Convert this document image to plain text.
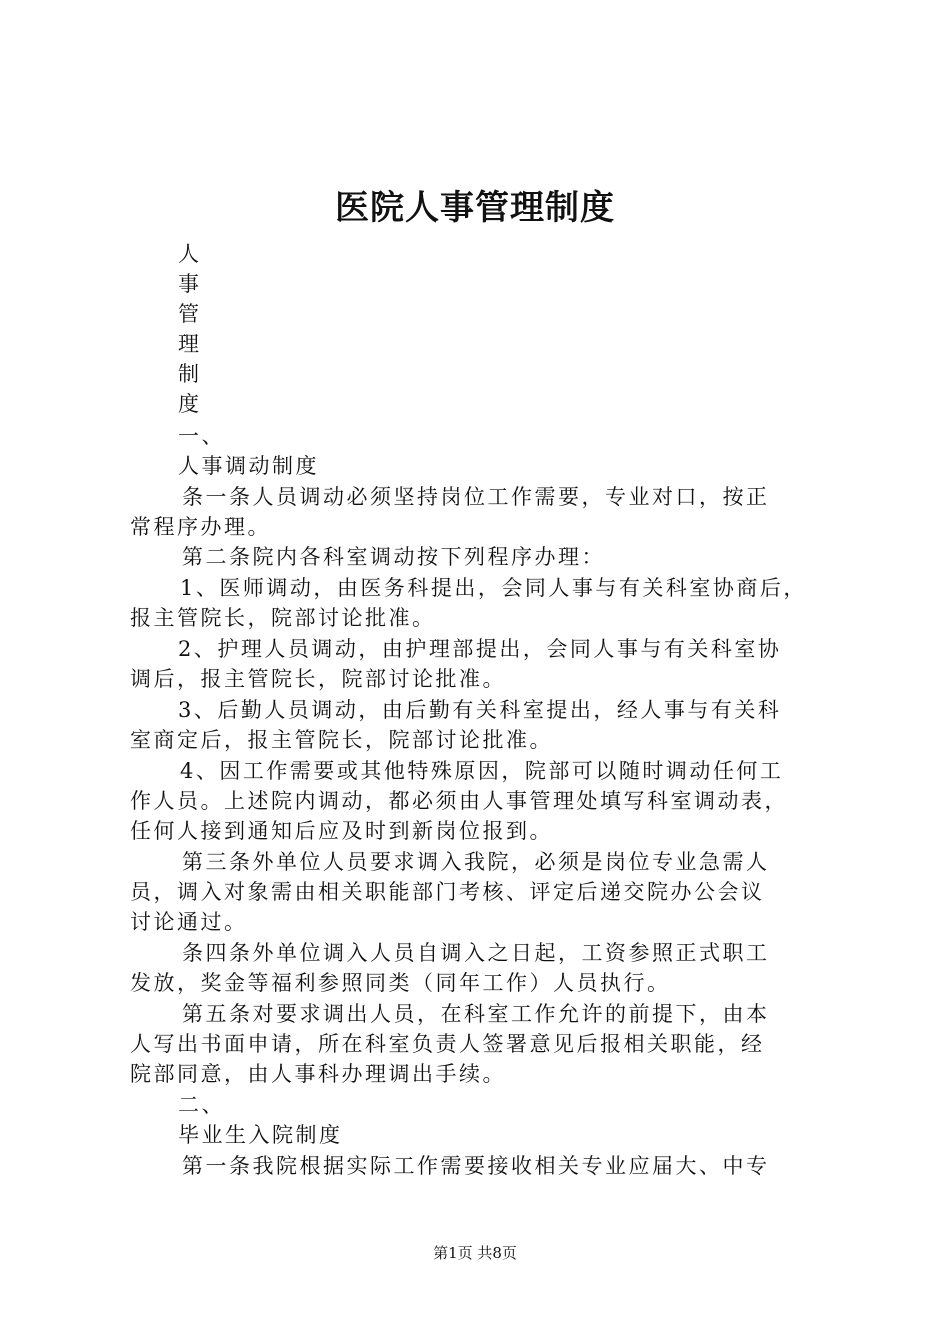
医院人事管理制度
人
事
管
理
制
度
一、
人事调动制度
条一条人员调动必须坚持岗位工作需要，专业对口，按正
常程序办理。
第二条院内各科室调动按下列程序办理：
1、医师调动，由医务科提出，会同人事与有关科室协商后，
报主管院长，院部讨论批准。
2、护理人员调动，由护理部提出，会同人事与有关科室协
调后，报主管院长，院部讨论批准。
3、后勤人员调动，由后勤有关科室提出，经人事与有关科
室商定后，报主管院长，院部讨论批准。
4、因工作需要或其他特殊原因，院部可以随时调动任何工
作人员。上述院内调动，都必须由人事管理处填写科室调动表，
任何人接到通知后应及时到新岗位报到。
第三条外单位人员要求调入我院，必须是岗位专业急需人
员，调入对象需由相关职能部门考核、评定后递交院办公会议
讨论通过。
条四条外单位调入人员自调入之日起，工资参照正式职工
发放，奖金等福利参照同类（同年工作）人员执行。
第五条对要求调出人员，在科室工作允许的前提下，由本
人写出书面申请，所在科室负责人签署意见后报相关职能，经
院部同意，由人事科办理调出手续。
二、
毕业生入院制度
第一条我院根据实际工作需要接收相关专业应届大、中专
第1页 共8页
